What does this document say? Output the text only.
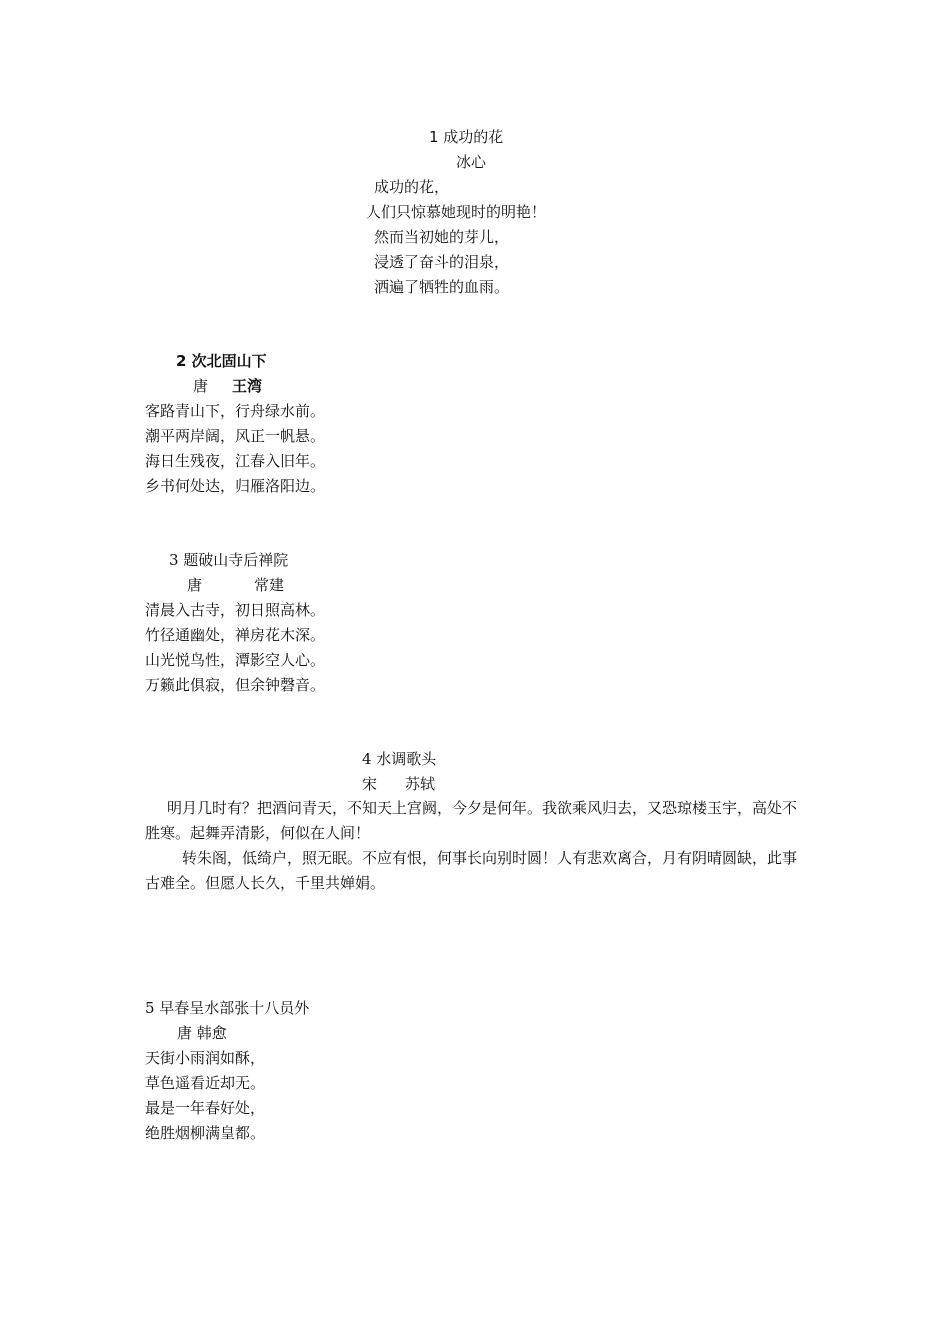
1 成功的花

冰心

成功的花，

人们只惊慕她现时的明艳！

然而当初她的芽儿，

浸透了奋斗的泪泉，

洒遍了牺牲的血雨。

2 次北固山下

唐 王湾

客路青山下，行舟绿水前。

潮平两岸阔，风正一帆悬。

海日生残夜，江春入旧年。

乡书何处达，归雁洛阳边。

3 题破山寺后禅院

唐	常建

清晨入古寺，初日照高林。

竹径通幽处，禅房花木深。

山光悦鸟性，潭影空人心。

万籁此俱寂，但余钟磬音。

4 水调歌头

宋 苏轼

明月几时有？把酒问青天，不知天上宫阙，今夕是何年。我欲乘风归去，又恐琼楼玉宇，高处不胜寒。起舞弄清影，何似在人间！

转朱阁，低绮户，照无眠。不应有恨，何事长向别时圆！人有悲欢离合，月有阴晴圆缺，此事古难全。但愿人长久，千里共婵娟。

5 早春呈水部张十八员外

唐 韩愈

天街小雨润如酥，

草色遥看近却无。

最是一年春好处，

绝胜烟柳满皇都。
